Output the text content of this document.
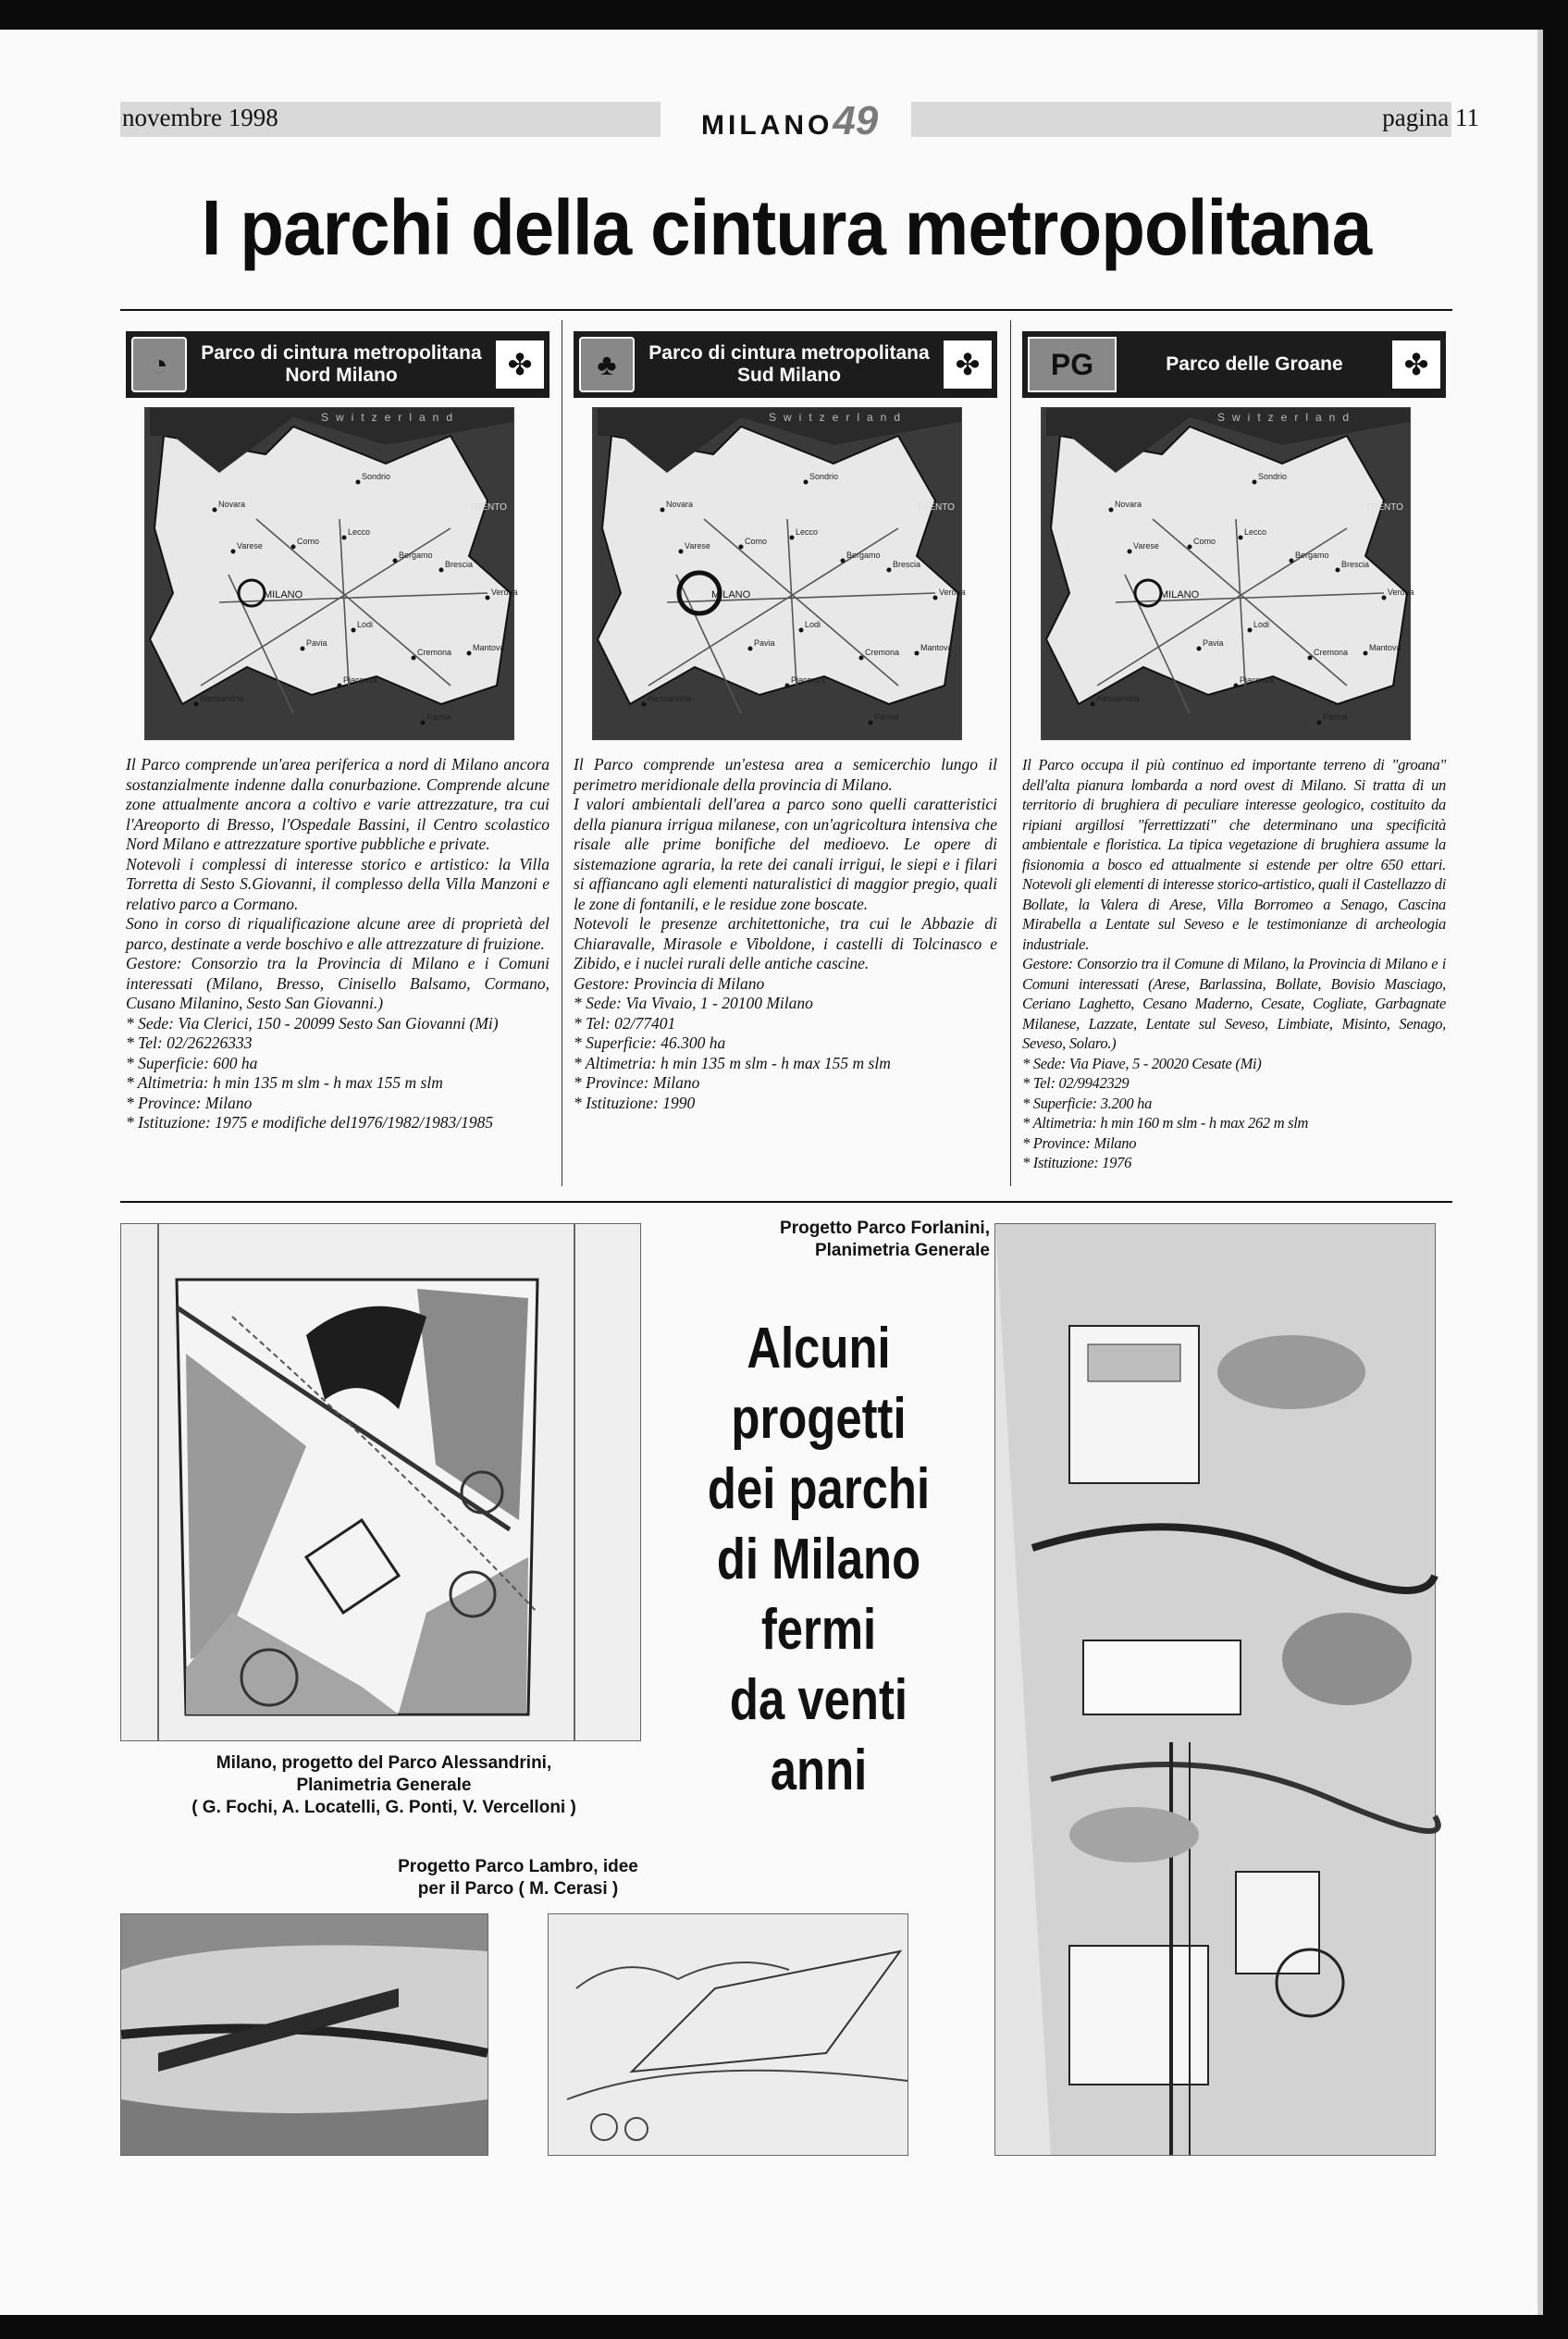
novembre 1998	MILANO49	pagina 11
I parchi della cintura metropolitana
◔	Parco di cintura metropolitana
Nord Milano	✤
Switzerland
TRENTO
MILANO
Sondrio
Como
Lecco
Varese
Bergamo
Brescia
Lodi
Pavia
Cremona	Mantova
Novara
Piacenza
Alessandria
Verona
Parma

Il Parco comprende un'area periferica a nord di Milano ancora sostanzialmente indenne dalla conurbazione. Comprende alcune zone attualmente ancora a coltivo e varie attrezzature, tra cui l'Areoporto di Bresso, l'Ospedale Bassini, il Centro scolastico Nord Milano e attrezzature sportive pubbliche e private.

Notevoli i complessi di interesse storico e artistico: la Villa Torretta di Sesto S.Giovanni, il complesso della Villa Manzoni e relativo parco a Cormano.

Sono in corso di riqualificazione alcune aree di proprietà del parco, destinate a verde boschivo e alle attrezzature di fruizione.

Gestore: Consorzio tra la Provincia di Milano e i Comuni interessati (Milano, Bresso, Cinisello Balsamo, Cormano, Cusano Milanino, Sesto San Giovanni.)

* Sede: Via Clerici, 150 - 20099 Sesto San Giovanni (Mi)

* Tel: 02/26226333

* Superficie: 600 ha

* Altimetria: h min 135 m slm - h max 155 m slm

* Province: Milano

* Istituzione: 1975 e modifiche del1976/1982/1983/1985

♣	Parco di cintura metropolitana
Sud Milano	✤
Switzerland
TRENTO
MILANO
Sondrio
Como
Lecco
Varese
Bergamo
Brescia
Lodi
Pavia
Cremona	Mantova
Novara
Piacenza
Alessandria
Verona
Parma

Il Parco comprende un'estesa area a semicerchio lungo il perimetro meridionale della provincia di Milano.

I valori ambientali dell'area a parco sono quelli caratteristici della pianura irrigua milanese, con un'agricoltura intensiva che risale alle prime bonifiche del medioevo. Le opere di sistemazione agraria, la rete dei canali irrigui, le siepi e i filari si affiancano agli elementi naturalistici di maggior pregio, quali le zone di fontanili, e le residue zone boscate.

Notevoli le presenze architettoniche, tra cui le Abbazie di Chiaravalle, Mirasole e Viboldone, i castelli di Tolcinasco e Zibido, e i nuclei rurali delle antiche cascine.

Gestore: Provincia di Milano

* Sede: Via Vivaio, 1 - 20100 Milano

* Tel: 02/77401

* Superficie: 46.300 ha

* Altimetria: h min 135 m slm - h max 155 m slm

* Province: Milano

* Istituzione: 1990

PG	Parco delle Groane	✤
Switzerland
TRENTO
MILANO
Sondrio
Como
Lecco
Varese
Bergamo
Brescia
Lodi
Pavia
Cremona	Mantova
Novara
Piacenza
Alessandria
Verona
Parma

Il Parco occupa il più continuo ed importante terreno di "groana" dell'alta pianura lombarda a nord ovest di Milano. Si tratta di un territorio di brughiera di peculiare interesse geologico, costituito da ripiani argillosi "ferrettizzati" che determinano una specificità ambientale e floristica. La tipica vegetazione di brughiera assume la fisionomia a bosco ed attualmente si estende per oltre 650 ettari. Notevoli gli elementi di interesse storico-artistico, quali il Castellazzo di Bollate, la Valera di Arese, Villa Borromeo a Senago, Cascina Mirabella a Lentate sul Seveso e le testimonianze di archeologia industriale.

Gestore: Consorzio tra il Comune di Milano, la Provincia di Milano e i Comuni interessati (Arese, Barlassina, Bollate, Bovisio Masciago, Ceriano Laghetto, Cesano Maderno, Cesate, Cogliate, Garbagnate Milanese, Lazzate, Lentate sul Seveso, Limbiate, Misinto, Senago, Seveso, Solaro.)

* Sede: Via Piave, 5 - 20020 Cesate (Mi)

* Tel: 02/9942329

* Superficie: 3.200 ha

* Altimetria: h min 160 m slm - h max 262 m slm

* Province: Milano

* Istituzione: 1976

Milano, progetto del Parco Alessandrini,
Planimetria Generale
( G. Fochi, A. Locatelli, G. Ponti, V. Vercelloni )
Progetto Parco Forlanini,
Planimetria Generale
Alcuni
progetti
dei parchi
di Milano
fermi
da venti
anni
Progetto Parco Lambro, idee
per il Parco ( M. Cerasi )
